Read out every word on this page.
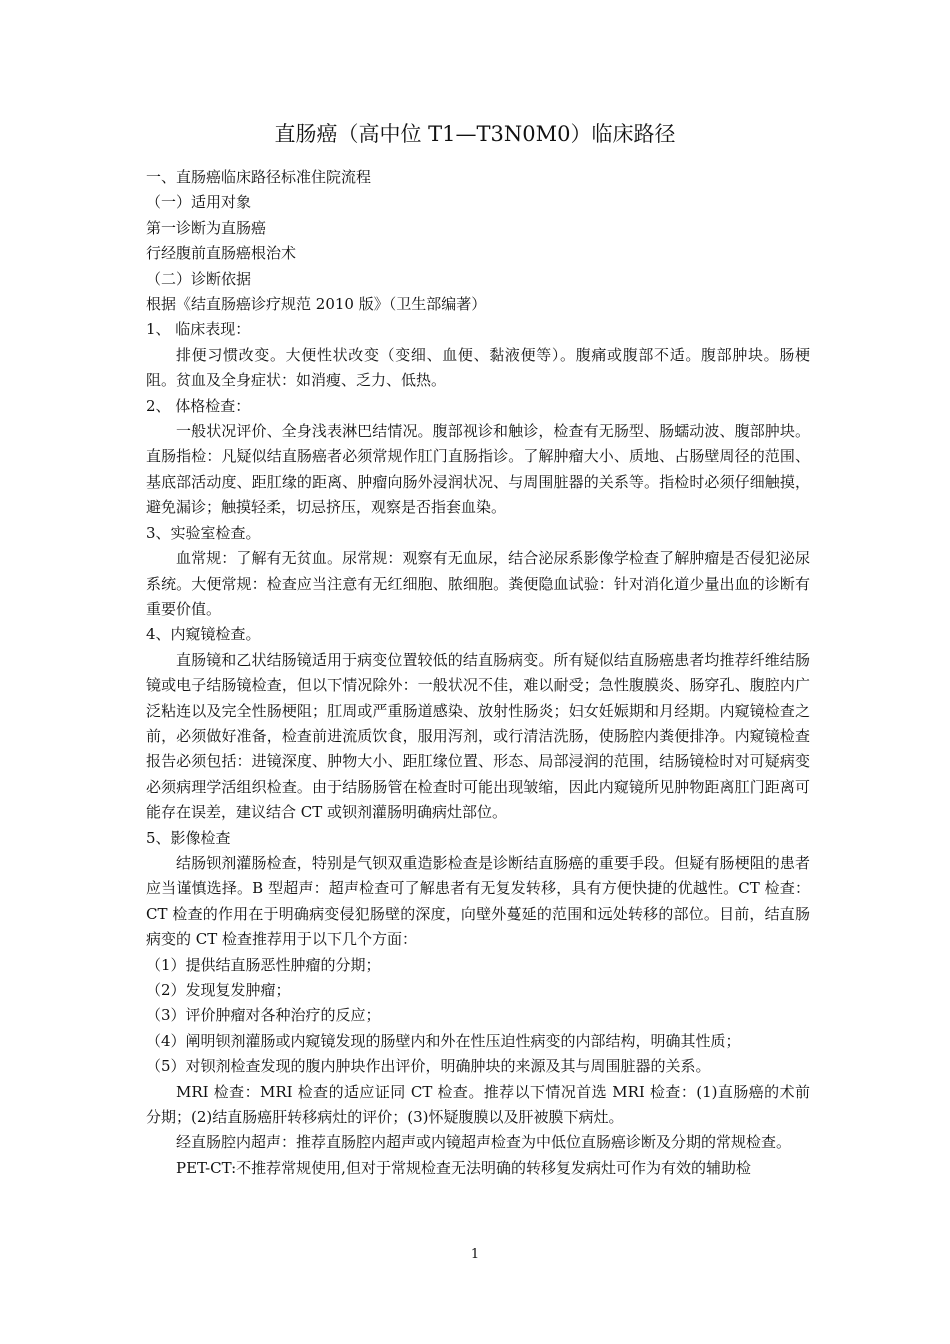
直肠癌（高中位 T1—T3N0M0）临床路径

一、直肠癌临床路径标准住院流程

（一）适用对象

第一诊断为直肠癌

行经腹前直肠癌根治术

（二）诊断依据

根据《结直肠癌诊疗规范 2010 版》（卫生部编著）

1、 临床表现：

排便习惯改变。大便性状改变（变细、血便、黏液便等）。腹痛或腹部不适。腹部肿块。肠梗阻。贫血及全身症状：如消瘦、乏力、低热。

2、 体格检查：

一般状况评价、全身浅表淋巴结情况。腹部视诊和触诊，检查有无肠型、肠蠕动波、腹部肿块。直肠指检：凡疑似结直肠癌者必须常规作肛门直肠指诊。了解肿瘤大小、质地、占肠壁周径的范围、基底部活动度、距肛缘的距离、肿瘤向肠外浸润状况、与周围脏器的关系等。指检时必须仔细触摸，避免漏诊；触摸轻柔，切忌挤压，观察是否指套血染。

3、实验室检查。

血常规：了解有无贫血。尿常规：观察有无血尿，结合泌尿系影像学检查了解肿瘤是否侵犯泌尿系统。大便常规：检查应当注意有无红细胞、脓细胞。粪便隐血试验：针对消化道少量出血的诊断有重要价值。

4、内窥镜检查。

直肠镜和乙状结肠镜适用于病变位置较低的结直肠病变。所有疑似结直肠癌患者均推荐纤维结肠镜或电子结肠镜检查，但以下情况除外：一般状况不佳，难以耐受；急性腹膜炎、肠穿孔、腹腔内广泛粘连以及完全性肠梗阻；肛周或严重肠道感染、放射性肠炎；妇女妊娠期和月经期。内窥镜检查之前，必须做好准备，检查前进流质饮食，服用泻剂，或行清洁洗肠，使肠腔内粪便排净。内窥镜检查报告必须包括：进镜深度、肿物大小、距肛缘位置、形态、局部浸润的范围，结肠镜检时对可疑病变必须病理学活组织检查。由于结肠肠管在检查时可能出现皱缩，因此内窥镜所见肿物距离肛门距离可能存在误差，建议结合 CT 或钡剂灌肠明确病灶部位。

5、影像检查

结肠钡剂灌肠检查，特别是气钡双重造影检查是诊断结直肠癌的重要手段。但疑有肠梗阻的患者应当谨慎选择。B 型超声：超声检查可了解患者有无复发转移，具有方便快捷的优越性。CT 检查：CT 检查的作用在于明确病变侵犯肠壁的深度，向壁外蔓延的范围和远处转移的部位。目前，结直肠病变的 CT 检查推荐用于以下几个方面：

（1）提供结直肠恶性肿瘤的分期；

（2）发现复发肿瘤；

（3）评价肿瘤对各种治疗的反应；

（4）阐明钡剂灌肠或内窥镜发现的肠壁内和外在性压迫性病变的内部结构，明确其性质；

（5）对钡剂检查发现的腹内肿块作出评价，明确肿块的来源及其与周围脏器的关系。

MRI 检查：MRI 检查的适应证同 CT 检查。推荐以下情况首选 MRI 检查：(1)直肠癌的术前分期；(2)结直肠癌肝转移病灶的评价；(3)怀疑腹膜以及肝被膜下病灶。

经直肠腔内超声：推荐直肠腔内超声或内镜超声检查为中低位直肠癌诊断及分期的常规检查。

PET-CT:不推荐常规使用,但对于常规检查无法明确的转移复发病灶可作为有效的辅助检

1
